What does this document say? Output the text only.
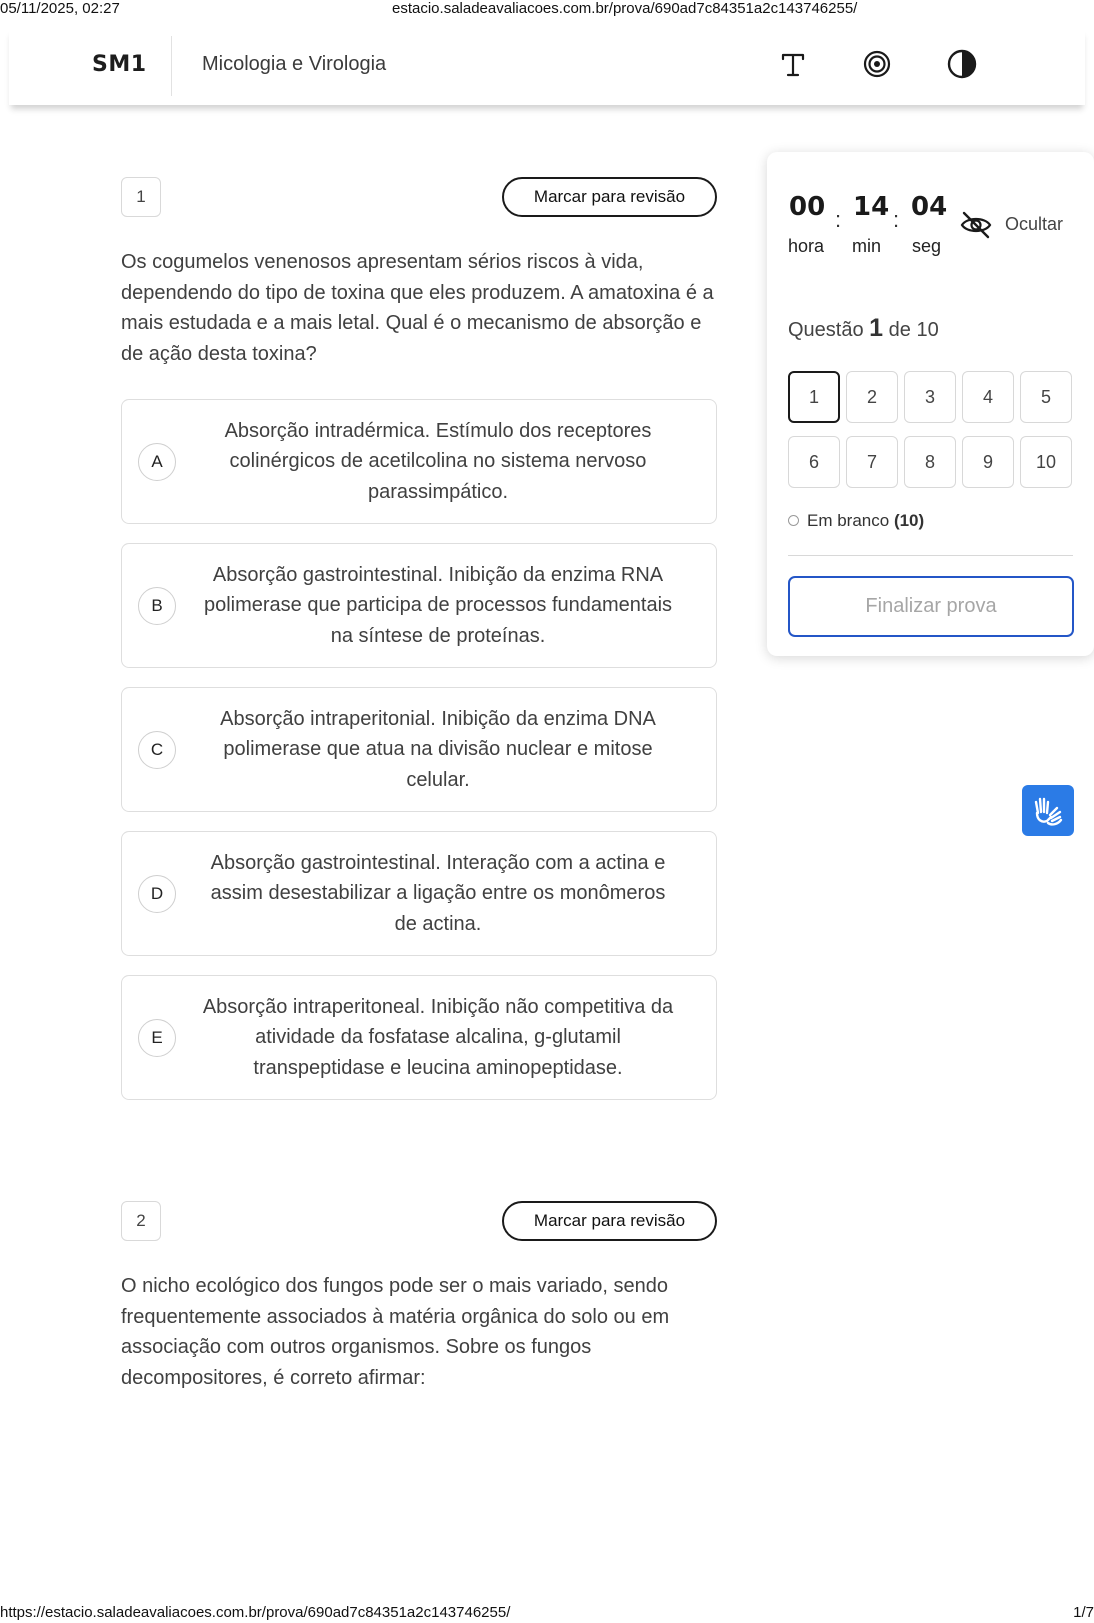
05/11/2025, 02:27	estacio.saladeavaliacoes.com.br/prova/690ad7c84351a2c143746255/
SM1	Micologia e Virologia
1	Marcar para revisão

Os cogumelos venenosos apresentam sérios riscos à vida, dependendo do tipo de toxina que eles produzem. A amatoxina é a mais estudada e a mais letal. Qual é o mecanismo de absorção e de ação desta toxina?

A
Absorção intradérmica. Estímulo dos receptores colinérgicos de acetilcolina no sistema nervoso parassimpático.
B
Absorção gastrointestinal. Inibição da enzima RNA polimerase que participa de processos fundamentais na síntese de proteínas.
C
Absorção intraperitonial. Inibição da enzima DNA polimerase que atua na divisão nuclear e mitose celular.
D
Absorção gastrointestinal. Interação com a actina e assim desestabilizar a ligação entre os monômeros de actina.
E
Absorção intraperitoneal. Inibição não competitiva da atividade da fosfatase alcalina, g-glutamil transpeptidase e leucina aminopeptidase.
2	Marcar para revisão

O nicho ecológico dos fungos pode ser o mais variado, sendo frequentemente associados à matéria orgânica do solo ou em associação com outros organismos. Sobre os fungos decompositores, é correto afirmar:

00 : 14 : 04
hora min seg
Ocultar
Questão 1 de 10
1	2	3	4	5
6	7	8	9	10
Em branco (10)
Finalizar prova
https://estacio.saladeavaliacoes.com.br/prova/690ad7c84351a2c143746255/	1/7
